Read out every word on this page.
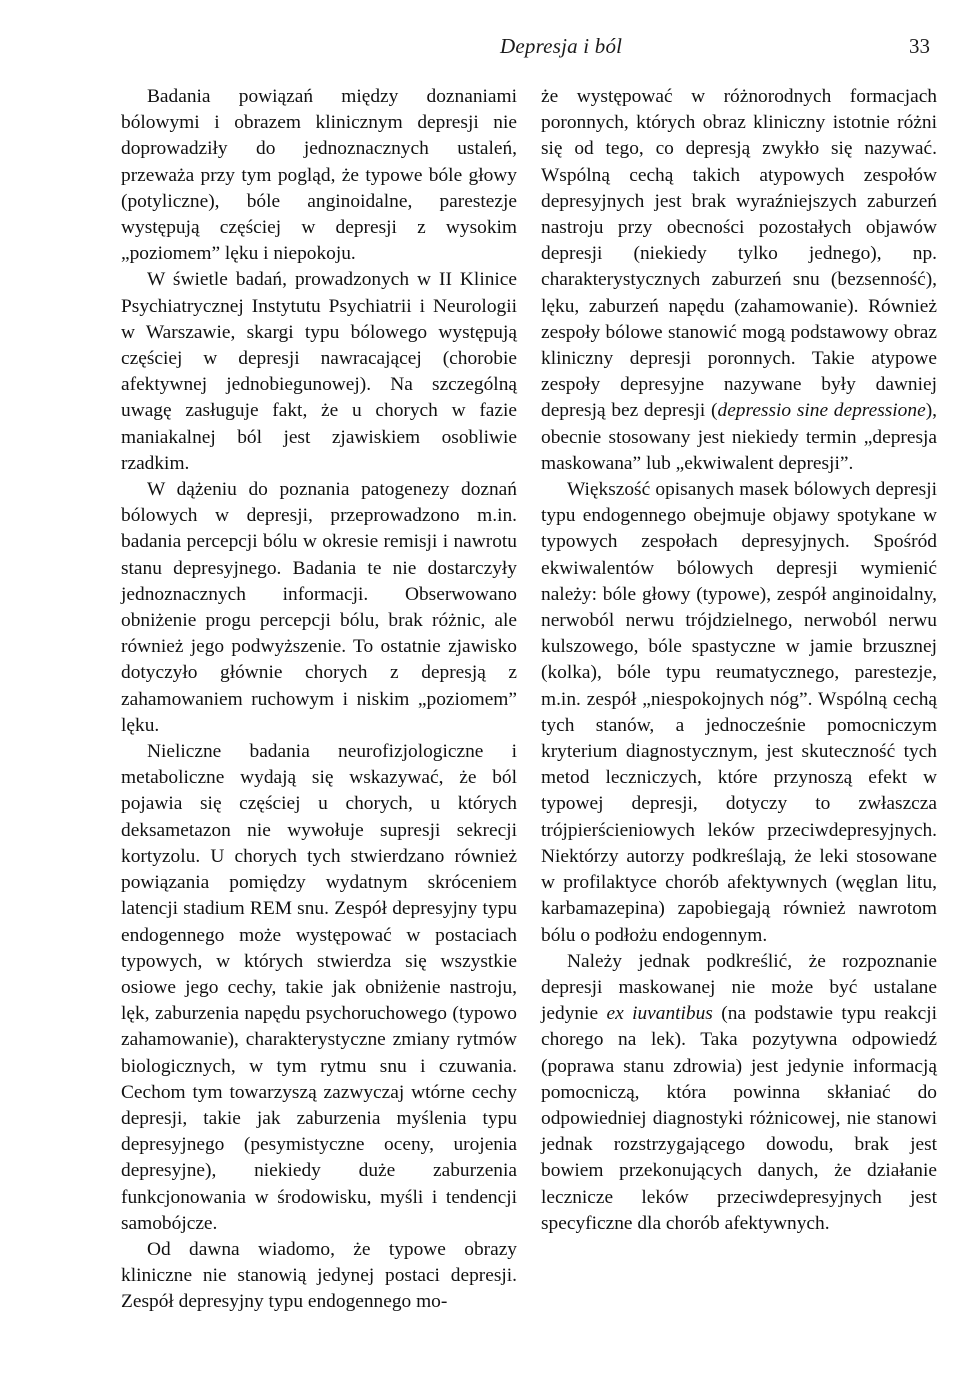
Depresja i ból	33

Badania powiązań między doznaniami bólowymi i obrazem klinicznym depresji nie doprowadziły do jednoznacznych ustaleń, przeważa przy tym pogląd, że typowe bóle głowy (potyliczne), bóle anginoidalne, parestezje występują częściej w depresji z wysokim „poziomem” lęku i niepokoju.

W świetle badań, prowadzonych w II Klinice Psychiatrycznej Instytutu Psychiatrii i Neurologii w Warszawie, skargi typu bólowego występują częściej w depresji nawracającej (chorobie afektywnej jednobiegunowej). Na szczególną uwagę zasługuje fakt, że u chorych w fazie maniakalnej ból jest zjawiskiem osobliwie rzadkim.

W dążeniu do poznania patogenezy doznań bólowych w depresji, przeprowadzono m.in. badania percepcji bólu w okresie remisji i nawrotu stanu depresyjnego. Badania te nie dostarczyły jednoznacznych informacji. Obserwowano obniżenie progu percepcji bólu, brak różnic, ale również jego podwyższenie. To ostatnie zjawisko dotyczyło głównie chorych z depresją z zahamowaniem ruchowym i niskim „poziomem” lęku.

Nieliczne badania neurofizjologiczne i metaboliczne wydają się wskazywać, że ból pojawia się częściej u chorych, u których deksametazon nie wywołuje supresji sekrecji kortyzolu. U chorych tych stwierdzano również powiązania pomiędzy wydatnym skróceniem latencji stadium REM snu. Zespół depresyjny typu endogennego może występować w postaciach typowych, w których stwierdza się wszystkie osiowe jego cechy, takie jak obniżenie nastroju, lęk, zaburzenia napędu psychoruchowego (typowo zahamowanie), charakterystyczne zmiany rytmów biologicznych, w tym rytmu snu i czuwania. Cechom tym towarzyszą zazwyczaj wtórne cechy depresji, takie jak zaburzenia myślenia typu depresyjnego (pesymistyczne oceny, urojenia depresyjne), niekiedy duże zaburzenia funkcjonowania w środowisku, myśli i tendencji samobójcze.

Od dawna wiadomo, że typowe obrazy kliniczne nie stanowią jedynej postaci depresji. Zespół depresyjny typu endogennego mo-

że występować w różnorodnych formacjach poronnych, których obraz kliniczny istotnie różni się od tego, co depresją zwykło się nazywać. Wspólną cechą takich atypowych zespołów depresyjnych jest brak wyraźniejszych zaburzeń nastroju przy obecności pozostałych objawów depresji (niekiedy tylko jednego), np. charakterystycznych zaburzeń snu (bezsenność), lęku, zaburzeń napędu (zahamowanie). Również zespoły bólowe stanowić mogą podstawowy obraz kliniczny depresji poronnych. Takie atypowe zespoły depresyjne nazywane były dawniej depresją bez depresji (depressio sine depressione), obecnie stosowany jest niekiedy termin „depresja maskowana” lub „ekwiwalent depresji”.

Większość opisanych masek bólowych depresji typu endogennego obejmuje objawy spotykane w typowych zespołach depresyjnych. Spośród ekwiwalentów bólowych depresji wymienić należy: bóle głowy (typowe), zespół anginoidalny, nerwoból nerwu trójdzielnego, nerwoból nerwu kulszowego, bóle spastyczne w jamie brzusznej (kolka), bóle typu reumatycznego, parestezje, m.in. zespół „niespokojnych nóg”. Wspólną cechą tych stanów, a jednocześnie pomocniczym kryterium diagnostycznym, jest skuteczność tych metod leczniczych, które przynoszą efekt w typowej depresji, dotyczy to zwłaszcza trójpierścieniowych leków przeciwdepresyjnych. Niektórzy autorzy podkreślają, że leki stosowane w profilaktyce chorób afektywnych (węglan litu, karbamazepina) zapobiegają również nawrotom bólu o podłożu endogennym.

Należy jednak podkreślić, że rozpoznanie depresji maskowanej nie może być ustalane jedynie ex iuvantibus (na podstawie typu reakcji chorego na lek). Taka pozytywna odpowiedź (poprawa stanu zdrowia) jest jedynie informacją pomocniczą, która powinna skłaniać do odpowiedniej diagnostyki różnicowej, nie stanowi jednak rozstrzygającego dowodu, brak jest bowiem przekonujących danych, że działanie lecznicze leków przeciwdepresyjnych jest specyficzne dla chorób afektywnych.
